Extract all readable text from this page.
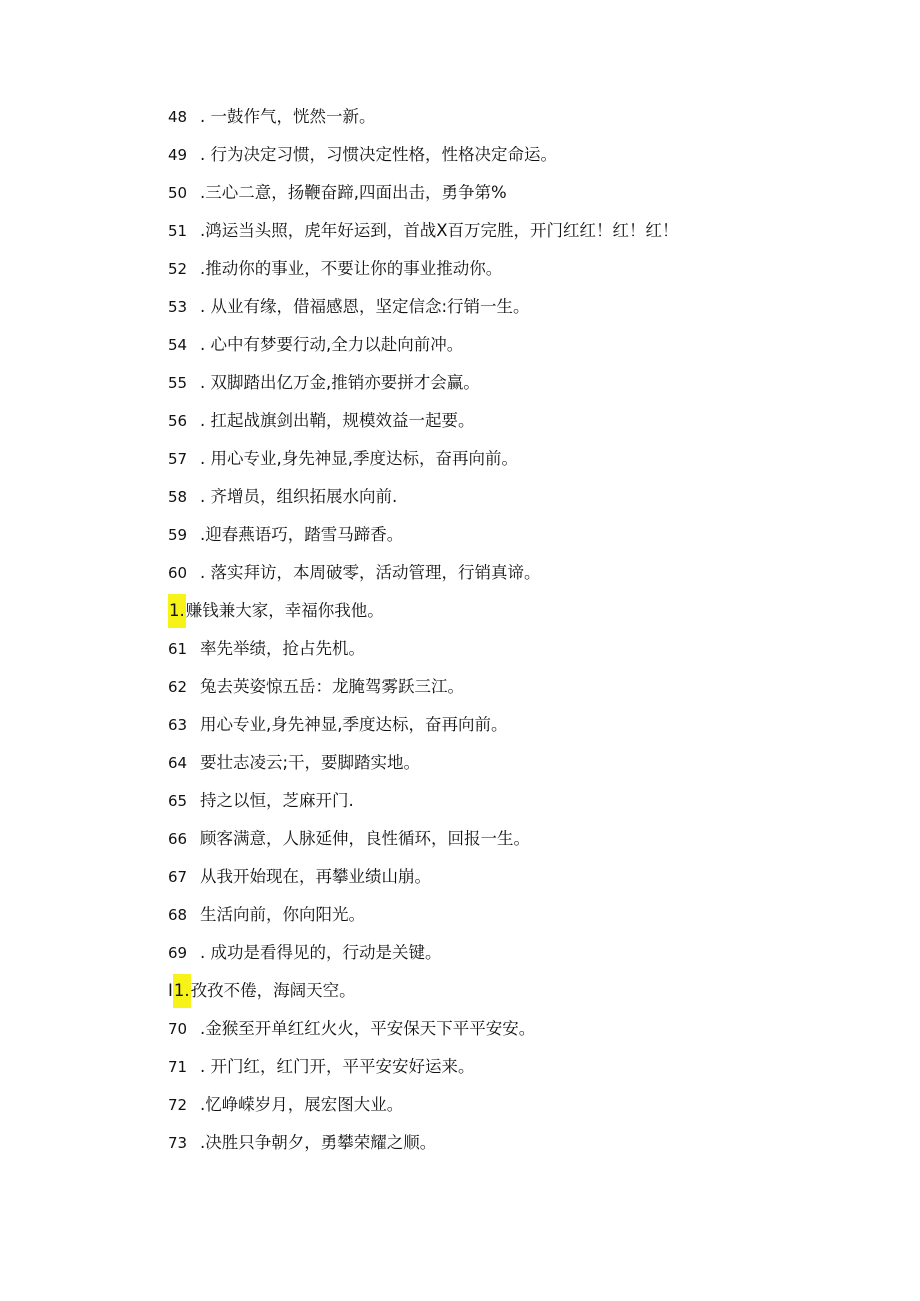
48 . 一鼓作气，恍然一新。
49 . 行为决定习惯，习惯决定性格，性格决定命运。
50 .三心二意，扬鞭奋蹄,四面出击，勇争第%
51 .鸿运当头照，虎年好运到，首战X百万完胜，开门红红！红！红！
52 .推动你的事业，不要让你的事业推动你。
53 . 从业有缘，借福感恩，坚定信念:行销一生。
54 . 心中有梦要行动,全力以赴向前冲。
55 . 双脚踏出亿万金,推销亦要拼才会赢。
56 . 扛起战旗剑出鞘，规模效益一起要。
57 . 用心专业,身先神显,季度达标，奋再向前。
58 . 齐增员，组织拓展水向前.
59 .迎春燕语巧，踏雪马蹄香。
60 . 落实拜访，本周破零，活动管理，行销真谛。
1. 赚钱兼大家，幸福你我他。
61 率先举绩，抢占先机。
62 兔去英姿惊五岳：龙腌驾雾跃三江。
63 用心专业,身先神显,季度达标，奋再向前。
64 要壮志凌云;干，要脚踏实地。
65 持之以恒，芝麻开门.
66 顾客满意，人脉延伸，良性循环，回报一生。
67 从我开始现在，再攀业绩山崩。
68 生活向前，你向阳光。
69 . 成功是看得见的，行动是关键。
I 1. 孜孜不倦，海阔天空。
70 .金猴至开单红红火火，平安保天下平平安安。
71 . 开门红，红门开，平平安安好运来。
72 .忆峥嵘岁月，展宏图大业。
73 .决胜只争朝夕，勇攀荣耀之顺。
